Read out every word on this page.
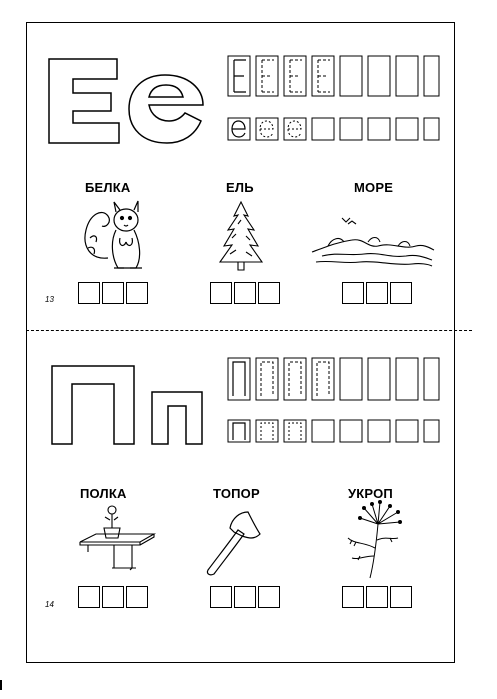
БЕЛКА	ЕЛЬ	МОРЕ
13
ПОЛКА	ТОПОР	УКРОП
14
